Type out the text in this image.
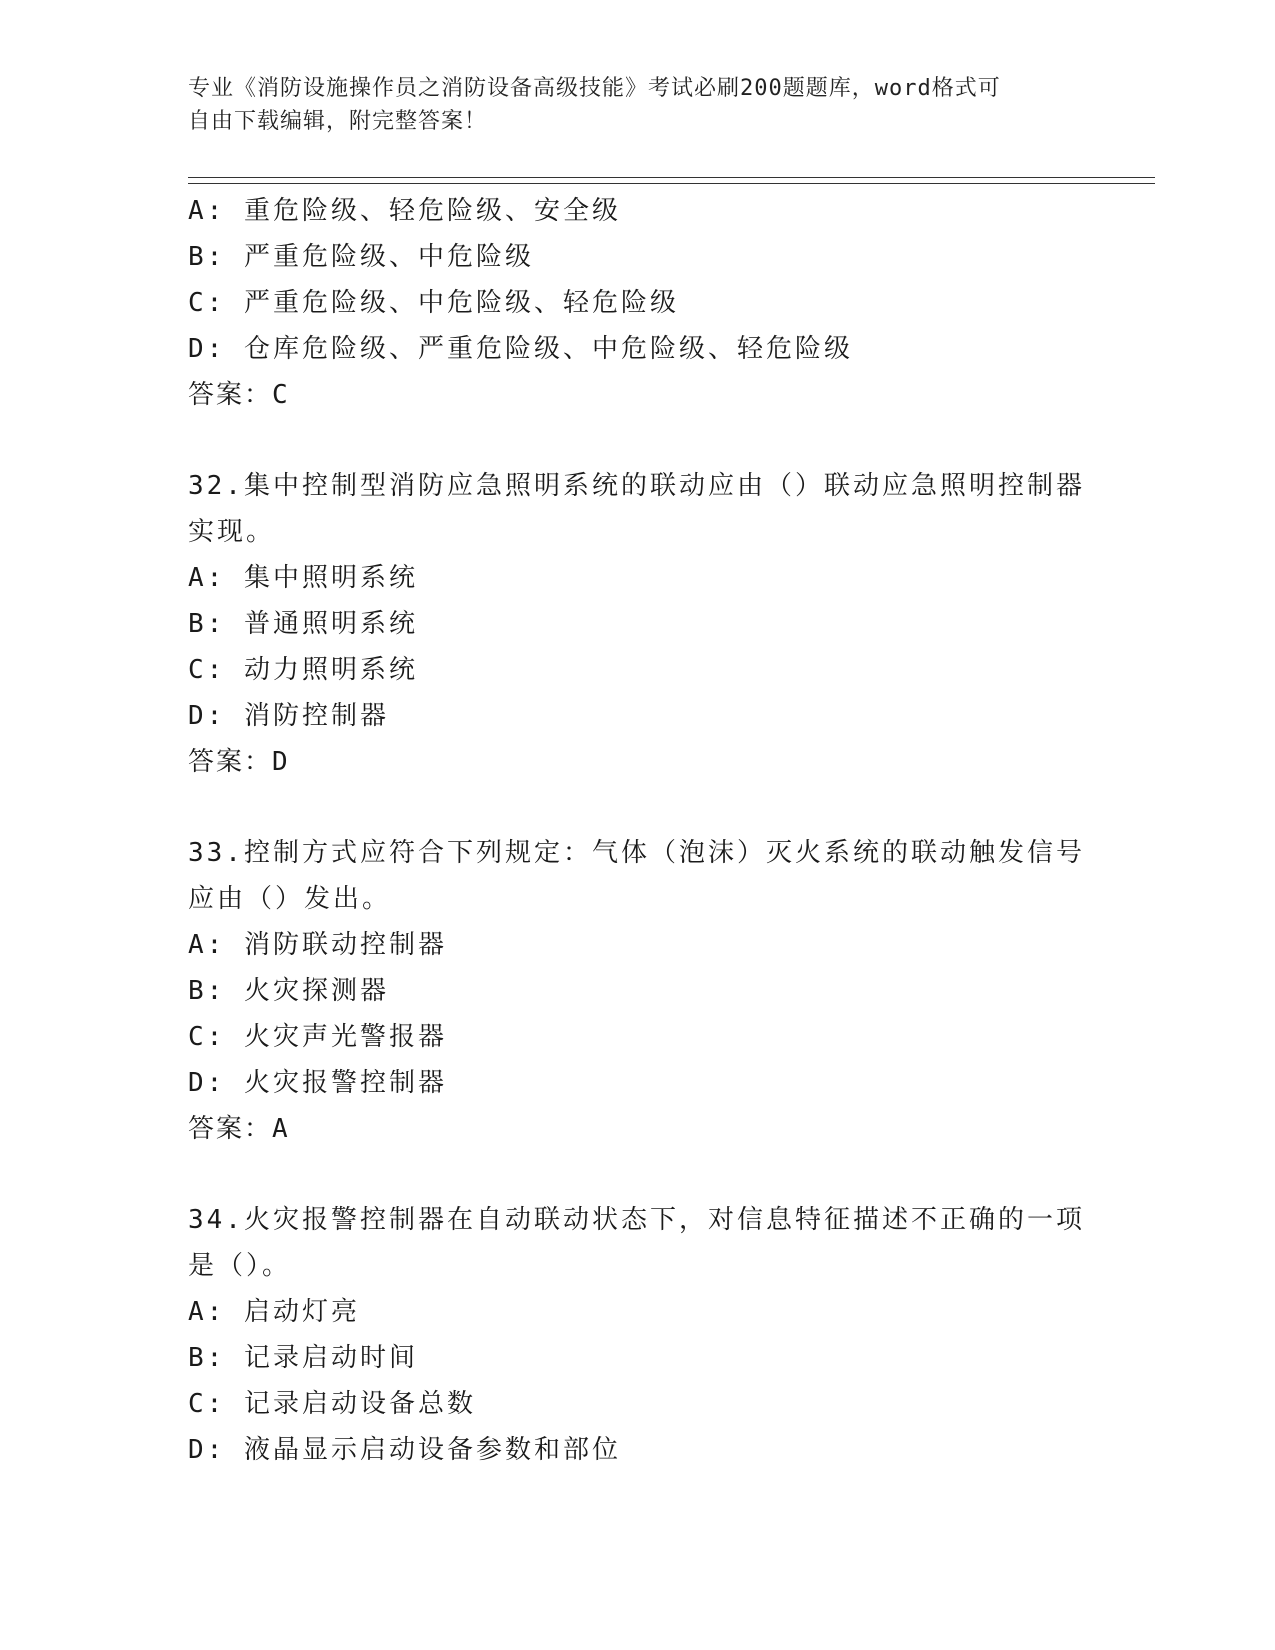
专业《消防设施操作员之消防设备高级技能》考试必刷200题题库，word格式可
自由下载编辑，附完整答案！
A: 重危险级、轻危险级、安全级
B: 严重危险级、中危险级
C: 严重危险级、中危险级、轻危险级
D: 仓库危险级、严重危险级、中危险级、轻危险级
答案：C
32.集中控制型消防应急照明系统的联动应由（）联动应急照明控制器
实现。
A: 集中照明系统
B: 普通照明系统
C: 动力照明系统
D: 消防控制器
答案：D
33.控制方式应符合下列规定：气体（泡沫）灭火系统的联动触发信号
应由（）发出。
A: 消防联动控制器
B: 火灾探测器
C: 火灾声光警报器
D: 火灾报警控制器
答案：A
34.火灾报警控制器在自动联动状态下，对信息特征描述不正确的一项
是（）。
A: 启动灯亮
B: 记录启动时间
C: 记录启动设备总数
D: 液晶显示启动设备参数和部位
